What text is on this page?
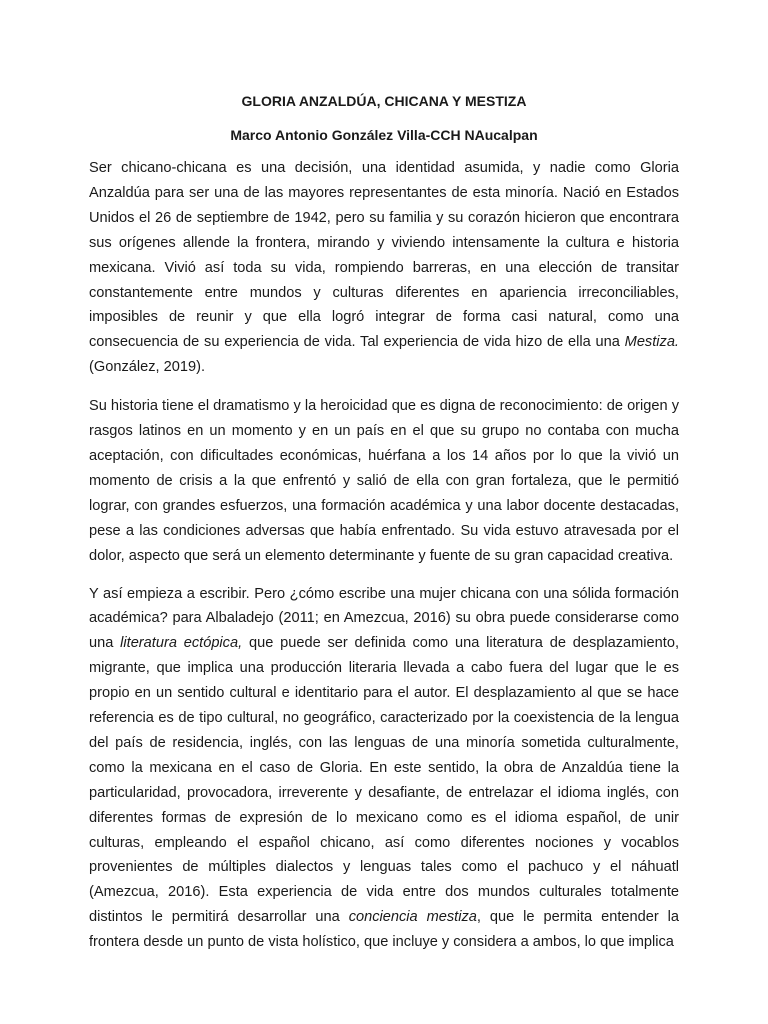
GLORIA ANZALDÚA, CHICANA Y MESTIZA

Marco Antonio González Villa-CCH NAucalpan

Ser chicano-chicana es una decisión, una identidad asumida, y nadie como Gloria Anzaldúa para ser una de las mayores representantes de esta minoría. Nació en Estados Unidos el 26 de septiembre de 1942, pero su familia y su corazón hicieron que encontrara sus orígenes allende la frontera, mirando y viviendo intensamente la cultura e historia mexicana. Vivió así toda su vida, rompiendo barreras, en una elección de transitar constantemente entre mundos y culturas diferentes en apariencia irreconciliables, imposibles de reunir y que ella logró integrar de forma casi natural, como una consecuencia de su experiencia de vida. Tal experiencia de vida hizo de ella una Mestiza. (González, 2019).

Su historia tiene el dramatismo y la heroicidad que es digna de reconocimiento: de origen y rasgos latinos en un momento y en un país en el que su grupo no contaba con mucha aceptación, con dificultades económicas, huérfana a los 14 años por lo que la vivió un momento de crisis a la que enfrentó y salió de ella con gran fortaleza, que le permitió lograr, con grandes esfuerzos, una formación académica y una labor docente destacadas, pese a las condiciones adversas que había enfrentado. Su vida estuvo atravesada por el dolor, aspecto que será un elemento determinante y fuente de su gran capacidad creativa.

Y así empieza a escribir. Pero ¿cómo escribe una mujer chicana con una sólida formación académica? para Albaladejo (2011; en Amezcua, 2016) su obra puede considerarse como una literatura ectópica, que puede ser definida como una literatura de desplazamiento, migrante, que implica una producción literaria llevada a cabo fuera del lugar que le es propio en un sentido cultural e identitario para el autor. El desplazamiento al que se hace referencia es de tipo cultural, no geográfico, caracterizado por la coexistencia de la lengua del país de residencia, inglés, con las lenguas de una minoría sometida culturalmente, como la mexicana en el caso de Gloria. En este sentido, la obra de Anzaldúa tiene la particularidad, provocadora, irreverente y desafiante, de entrelazar el idioma inglés, con diferentes formas de expresión de lo mexicano como es el idioma español, de unir culturas, empleando el español chicano, así como diferentes nociones y vocablos provenientes de múltiples dialectos y lenguas tales como el pachuco y el náhuatl (Amezcua, 2016). Esta experiencia de vida entre dos mundos culturales totalmente distintos le permitirá desarrollar una conciencia mestiza, que le permita entender la frontera desde un punto de vista holístico, que incluye y considera a ambos, lo que implica
